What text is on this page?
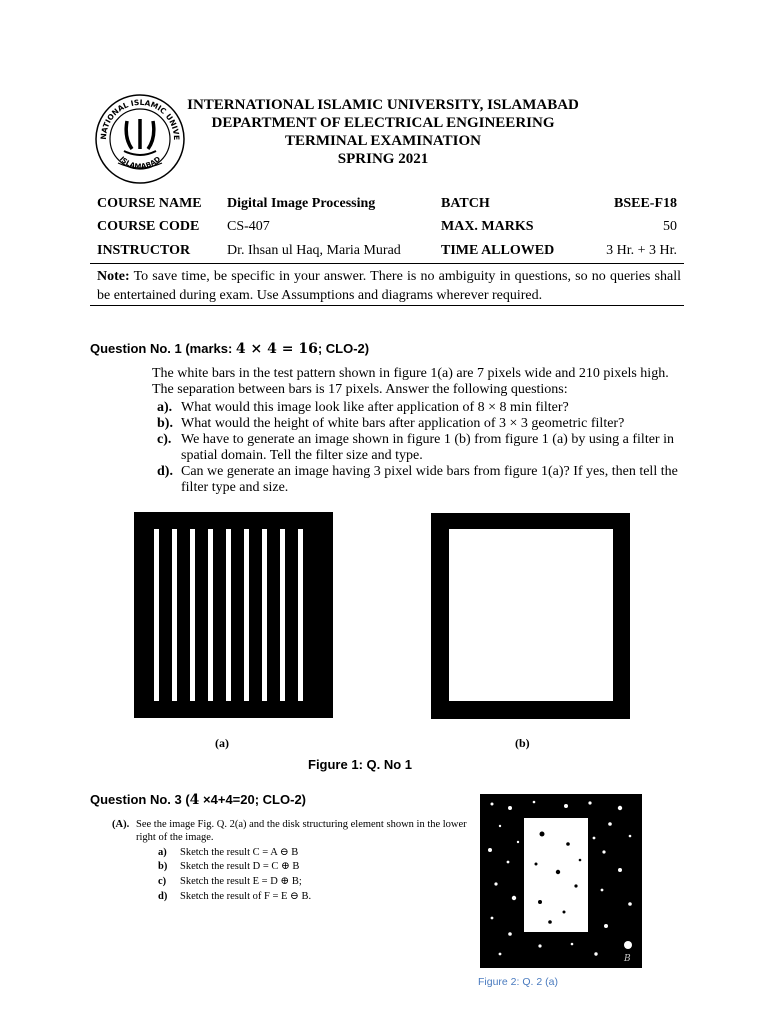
NATIONAL ISLAMIC UNIVE
ISLAMABAD
INTERNATIONAL ISLAMIC UNIVERSITY, ISLAMABAD
DEPARTMENT OF ELECTRICAL ENGINEERING
TERMINAL EXAMINATION
SPRING 2021
COURSE NAME Digital Image Processing	BATCH	BSEE-F18
COURSE CODE CS-407	MAX. MARKS	50
INSTRUCTOR	Dr. Ihsan ul Haq, Maria Murad	TIME ALLOWED	3 Hr. + 3 Hr.
Note: To save time, be specific in your answer. There is no ambiguity in questions, so no queries shall be entertained during exam. Use Assumptions and diagrams wherever required.
Question No. 1 (marks: 4 × 4 = 16; CLO-2)
The white bars in the test pattern shown in figure 1(a) are 7 pixels wide and 210 pixels high. The separation between bars is 17 pixels. Answer the following questions:
a). What would this image look like after application of 8 × 8 min filter?
b). What would the height of white bars after application of 3 × 3 geometric filter?
c). We have to generate an image shown in figure 1 (b) from figure 1 (a) by using a filter in spatial domain. Tell the filter size and type.
d). Can we generate an image having 3 pixel wide bars from figure 1(a)? If yes, then tell the filter type and size.
(a)	(b)
Figure 1: Q. No 1
Question No. 3 (4 ×4+4=20; CLO-2)
(A). See the image Fig. Q. 2(a) and the disk structuring element shown in the lower right of the image.
a) Sketch the result C = A ⊖ B
b) Sketch the result D = C ⊕ B
c) Sketch the result E = D ⊕ B;
d) Sketch the result of F = E ⊖ B.
B
Figure 2: Q. 2 (a)
